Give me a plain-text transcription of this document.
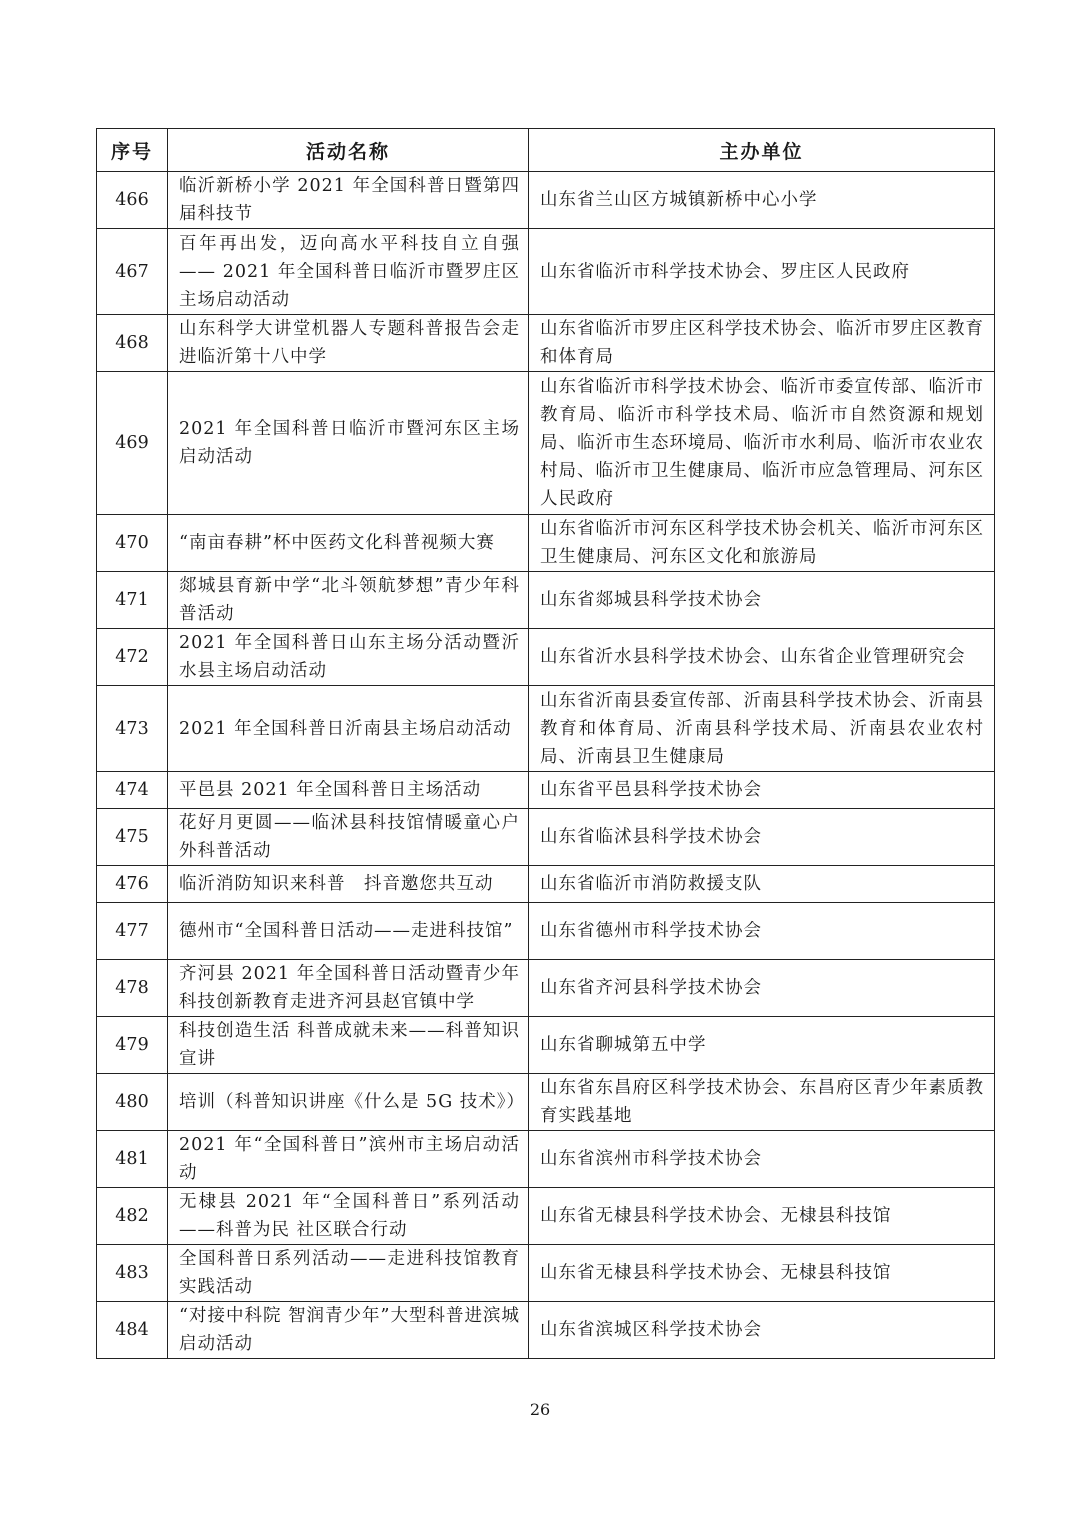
序号	活动名称	主办单位
466	临沂新桥小学 2021 年全国科普日暨第四届科技节	山东省兰山区方城镇新桥中心小学
467	百年再出发，迈向高水平科技自立自强—— 2021 年全国科普日临沂市暨罗庄区主场启动活动	山东省临沂市科学技术协会、罗庄区人民政府
468	山东科学大讲堂机器人专题科普报告会走进临沂第十八中学	山东省临沂市罗庄区科学技术协会、临沂市罗庄区教育和体育局
469	2021 年全国科普日临沂市暨河东区主场启动活动	山东省临沂市科学技术协会、临沂市委宣传部、临沂市教育局、临沂市科学技术局、临沂市自然资源和规划局、临沂市生态环境局、临沂市水利局、临沂市农业农村局、临沂市卫生健康局、临沂市应急管理局、河东区人民政府
470	“南亩春耕”杯中医药文化科普视频大赛	山东省临沂市河东区科学技术协会机关、临沂市河东区卫生健康局、河东区文化和旅游局
471	郯城县育新中学“北斗领航梦想”青少年科普活动	山东省郯城县科学技术协会
472	2021 年全国科普日山东主场分活动暨沂水县主场启动活动	山东省沂水县科学技术协会、山东省企业管理研究会
473	2021 年全国科普日沂南县主场启动活动	山东省沂南县委宣传部、沂南县科学技术协会、沂南县教育和体育局、沂南县科学技术局、沂南县农业农村局、沂南县卫生健康局
474	平邑县 2021 年全国科普日主场活动	山东省平邑县科学技术协会
475	花好月更圆——临沭县科技馆情暖童心户外科普活动	山东省临沭县科学技术协会
476	临沂消防知识来科普　抖音邀您共互动	山东省临沂市消防救援支队
477	德州市“全国科普日活动——走进科技馆”	山东省德州市科学技术协会
478	齐河县 2021 年全国科普日活动暨青少年科技创新教育走进齐河县赵官镇中学	山东省齐河县科学技术协会
479	科技创造生活 科普成就未来——科普知识宣讲	山东省聊城第五中学
480	培训（科普知识讲座《什么是 5G 技术》）	山东省东昌府区科学技术协会、东昌府区青少年素质教育实践基地
481	2021 年“全国科普日”滨州市主场启动活动	山东省滨州市科学技术协会
482	无棣县 2021 年“全国科普日”系列活动——科普为民 社区联合行动	山东省无棣县科学技术协会、无棣县科技馆
483	全国科普日系列活动——走进科技馆教育实践活动	山东省无棣县科学技术协会、无棣县科技馆
484	“对接中科院 智润青少年”大型科普进滨城启动活动	山东省滨城区科学技术协会
26
